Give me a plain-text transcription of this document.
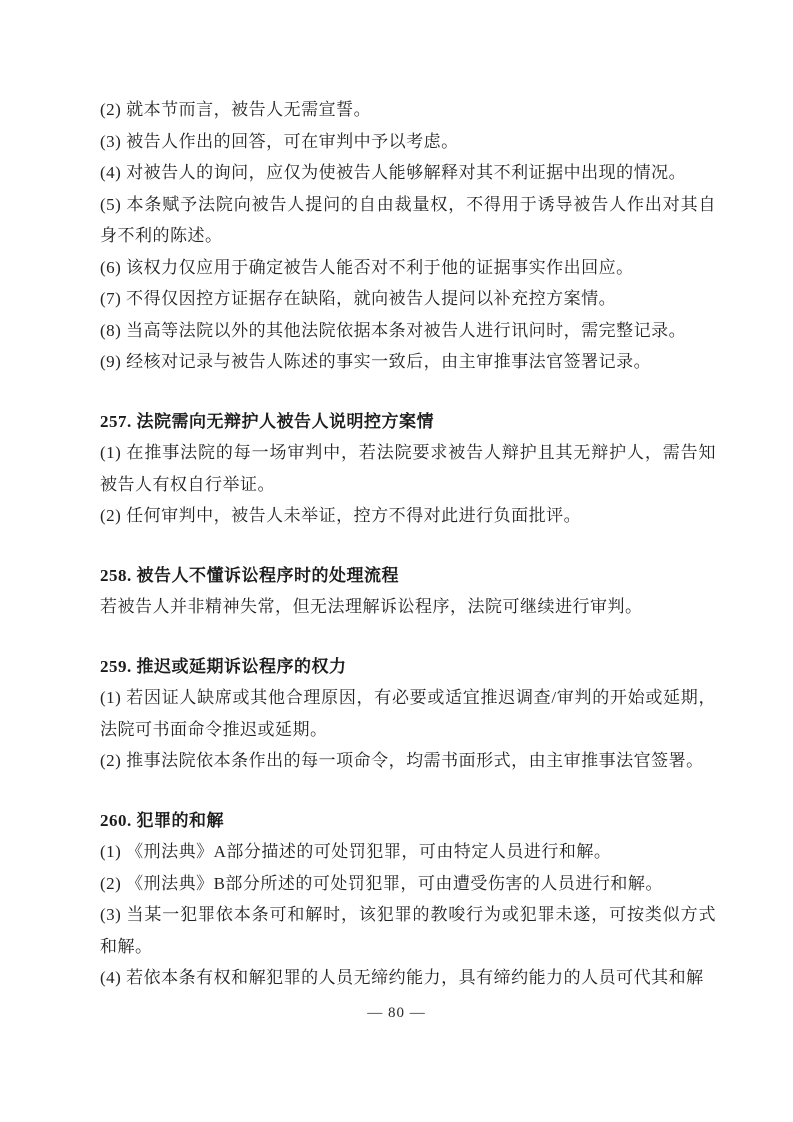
(2) 就本节而言，被告人无需宣誓。
(3) 被告人作出的回答，可在审判中予以考虑。
(4) 对被告人的询问，应仅为使被告人能够解释对其不利证据中出现的情况。
(5) 本条赋予法院向被告人提问的自由裁量权，不得用于诱导被告人作出对其自
身不利的陈述。
(6) 该权力仅应用于确定被告人能否对不利于他的证据事实作出回应。
(7) 不得仅因控方证据存在缺陷，就向被告人提问以补充控方案情。
(8) 当高等法院以外的其他法院依据本条对被告人进行讯问时，需完整记录。
(9) 经核对记录与被告人陈述的事实一致后，由主审推事法官签署记录。
257. 法院需向无辩护人被告人说明控方案情
(1) 在推事法院的每一场审判中，若法院要求被告人辩护且其无辩护人，需告知
被告人有权自行举证。
(2) 任何审判中，被告人未举证，控方不得对此进行负面批评。
258. 被告人不懂诉讼程序时的处理流程
若被告人并非精神失常，但无法理解诉讼程序，法院可继续进行审判。
259. 推迟或延期诉讼程序的权力
(1) 若因证人缺席或其他合理原因，有必要或适宜推迟调查/审判的开始或延期，
法院可书面命令推迟或延期。
(2) 推事法院依本条作出的每一项命令，均需书面形式，由主审推事法官签署。
260. 犯罪的和解
(1) 《刑法典》A部分描述的可处罚犯罪，可由特定人员进行和解。
(2) 《刑法典》B部分所述的可处罚犯罪，可由遭受伤害的人员进行和解。
(3) 当某一犯罪依本条可和解时，该犯罪的教唆行为或犯罪未遂，可按类似方式
和解。
(4) 若依本条有权和解犯罪的人员无缔约能力，具有缔约能力的人员可代其和解
— 80 —
